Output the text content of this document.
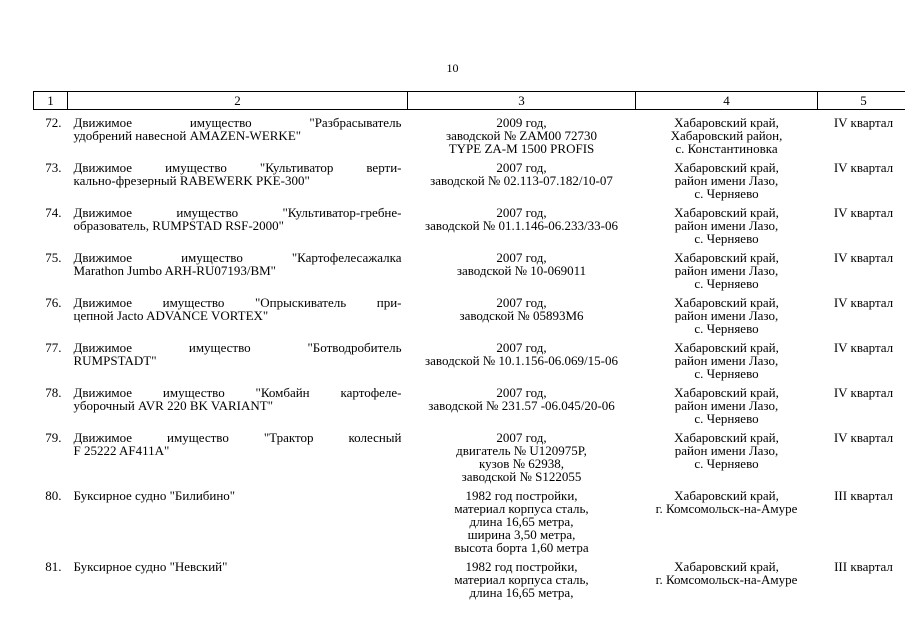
10
1	2	3	4	5
72.	Движимое имущество "Разбрасыватель
удобрений навесной AMAZEN-WERKE"	2009 год,
заводской № ZAM00 72730
TYPE ZA-M 1500 PROFIS	Хабаровский край,
Хабаровский район,
с. Константиновка	IV квартал
73.	Движимое имущество "Культиватор верти-
кально-фрезерный RABEWERK PKE-300"	2007 год,
заводской № 02.113-07.182/10-07	Хабаровский край,
район имени Лазо,
с. Черняево	IV квартал
74.	Движимое имущество "Культиватор-гребне-
образователь, RUMPSTAD RSF-2000"	2007 год,
заводской № 01.1.146-06.233/33-06	Хабаровский край,
район имени Лазо,
с. Черняево	IV квартал
75.	Движимое имущество "Картофелесажалка
Marathon Jumbo ARH-RU07193/BM"	2007 год,
заводской № 10-069011	Хабаровский край,
район имени Лазо,
с. Черняево	IV квартал
76.	Движимое имущество "Опрыскиватель при-
цепной Jacto ADVANCE VORTEX"	2007 год,
заводской № 05893M6	Хабаровский край,
район имени Лазо,
с. Черняево	IV квартал
77.	Движимое имущество "Ботводробитель
RUMPSTADT"	2007 год,
заводской № 10.1.156-06.069/15-06	Хабаровский край,
район имени Лазо,
с. Черняево	IV квартал
78.	Движимое имущество "Комбайн картофеле-
уборочный AVR 220 BK VARIANT"	2007 год,
заводской № 231.57 -06.045/20-06	Хабаровский край,
район имени Лазо,
с. Черняево	IV квартал
79.	Движимое имущество "Трактор колесный
F 25222 AF411A"	2007 год,
двигатель № U120975P,
кузов № 62938,
заводской № S122055	Хабаровский край,
район имени Лазо,
с. Черняево	IV квартал
80.	Буксирное судно "Билибино"	1982 год постройки,
материал корпуса сталь,
длина 16,65 метра,
ширина 3,50 метра,
высота борта 1,60 метра	Хабаровский край,
г. Комсомольск-на-Амуре	III квартал
81.	Буксирное судно "Невский"	1982 год постройки,
материал корпуса сталь,
длина 16,65 метра,	Хабаровский край,
г. Комсомольск-на-Амуре	III квартал
